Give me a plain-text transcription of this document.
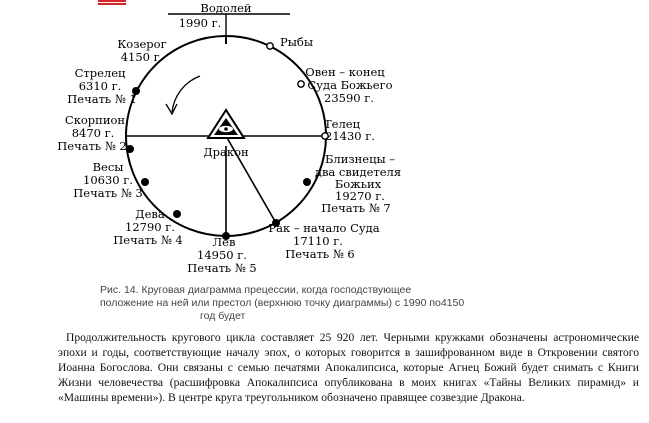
Водолей
1990 г.
Дракон
Рыбы
Овен – конец
Суда Божьего
23590 г.
Телец
21430 г.
Близнецы –
два свидетеля
Божьих
19270 г.
Печать № 7
Рак – начало Суда
17110 г.
Печать № 6
Лев
14950 г.
Печать № 5
Дева
12790 г.
Печать № 4
Весы
10630 г.
Печать № 3
Скорпион
8470 г.
Печать № 2
Стрелец
6310 г.
Печать № 1
Козерог
4150 г.
Рис. 14. Круговая диаграмма прецессии, когда господствующее
положение на ней или престол (верхнюю точку диаграммы) с 1990 по4150
год будет
Продолжительность кругового цикла составляет 25 920 лет. Черными кружками обозначены астрономические эпохи и годы, соответствующие началу эпох, о которых говорится в зашифрованном виде в Откровении святого Иоанна Богослова. Они связаны с семью печатями Апокалипсиса, которые Агнец Божий будет снимать с Книги Жизни человечества (расшифровка Апокалипсиса опубликована в моих книгах «Тайны Великих пирамид» и «Машины времени»). В центре круга треугольником обозначено правящее созвездие Дракона.
